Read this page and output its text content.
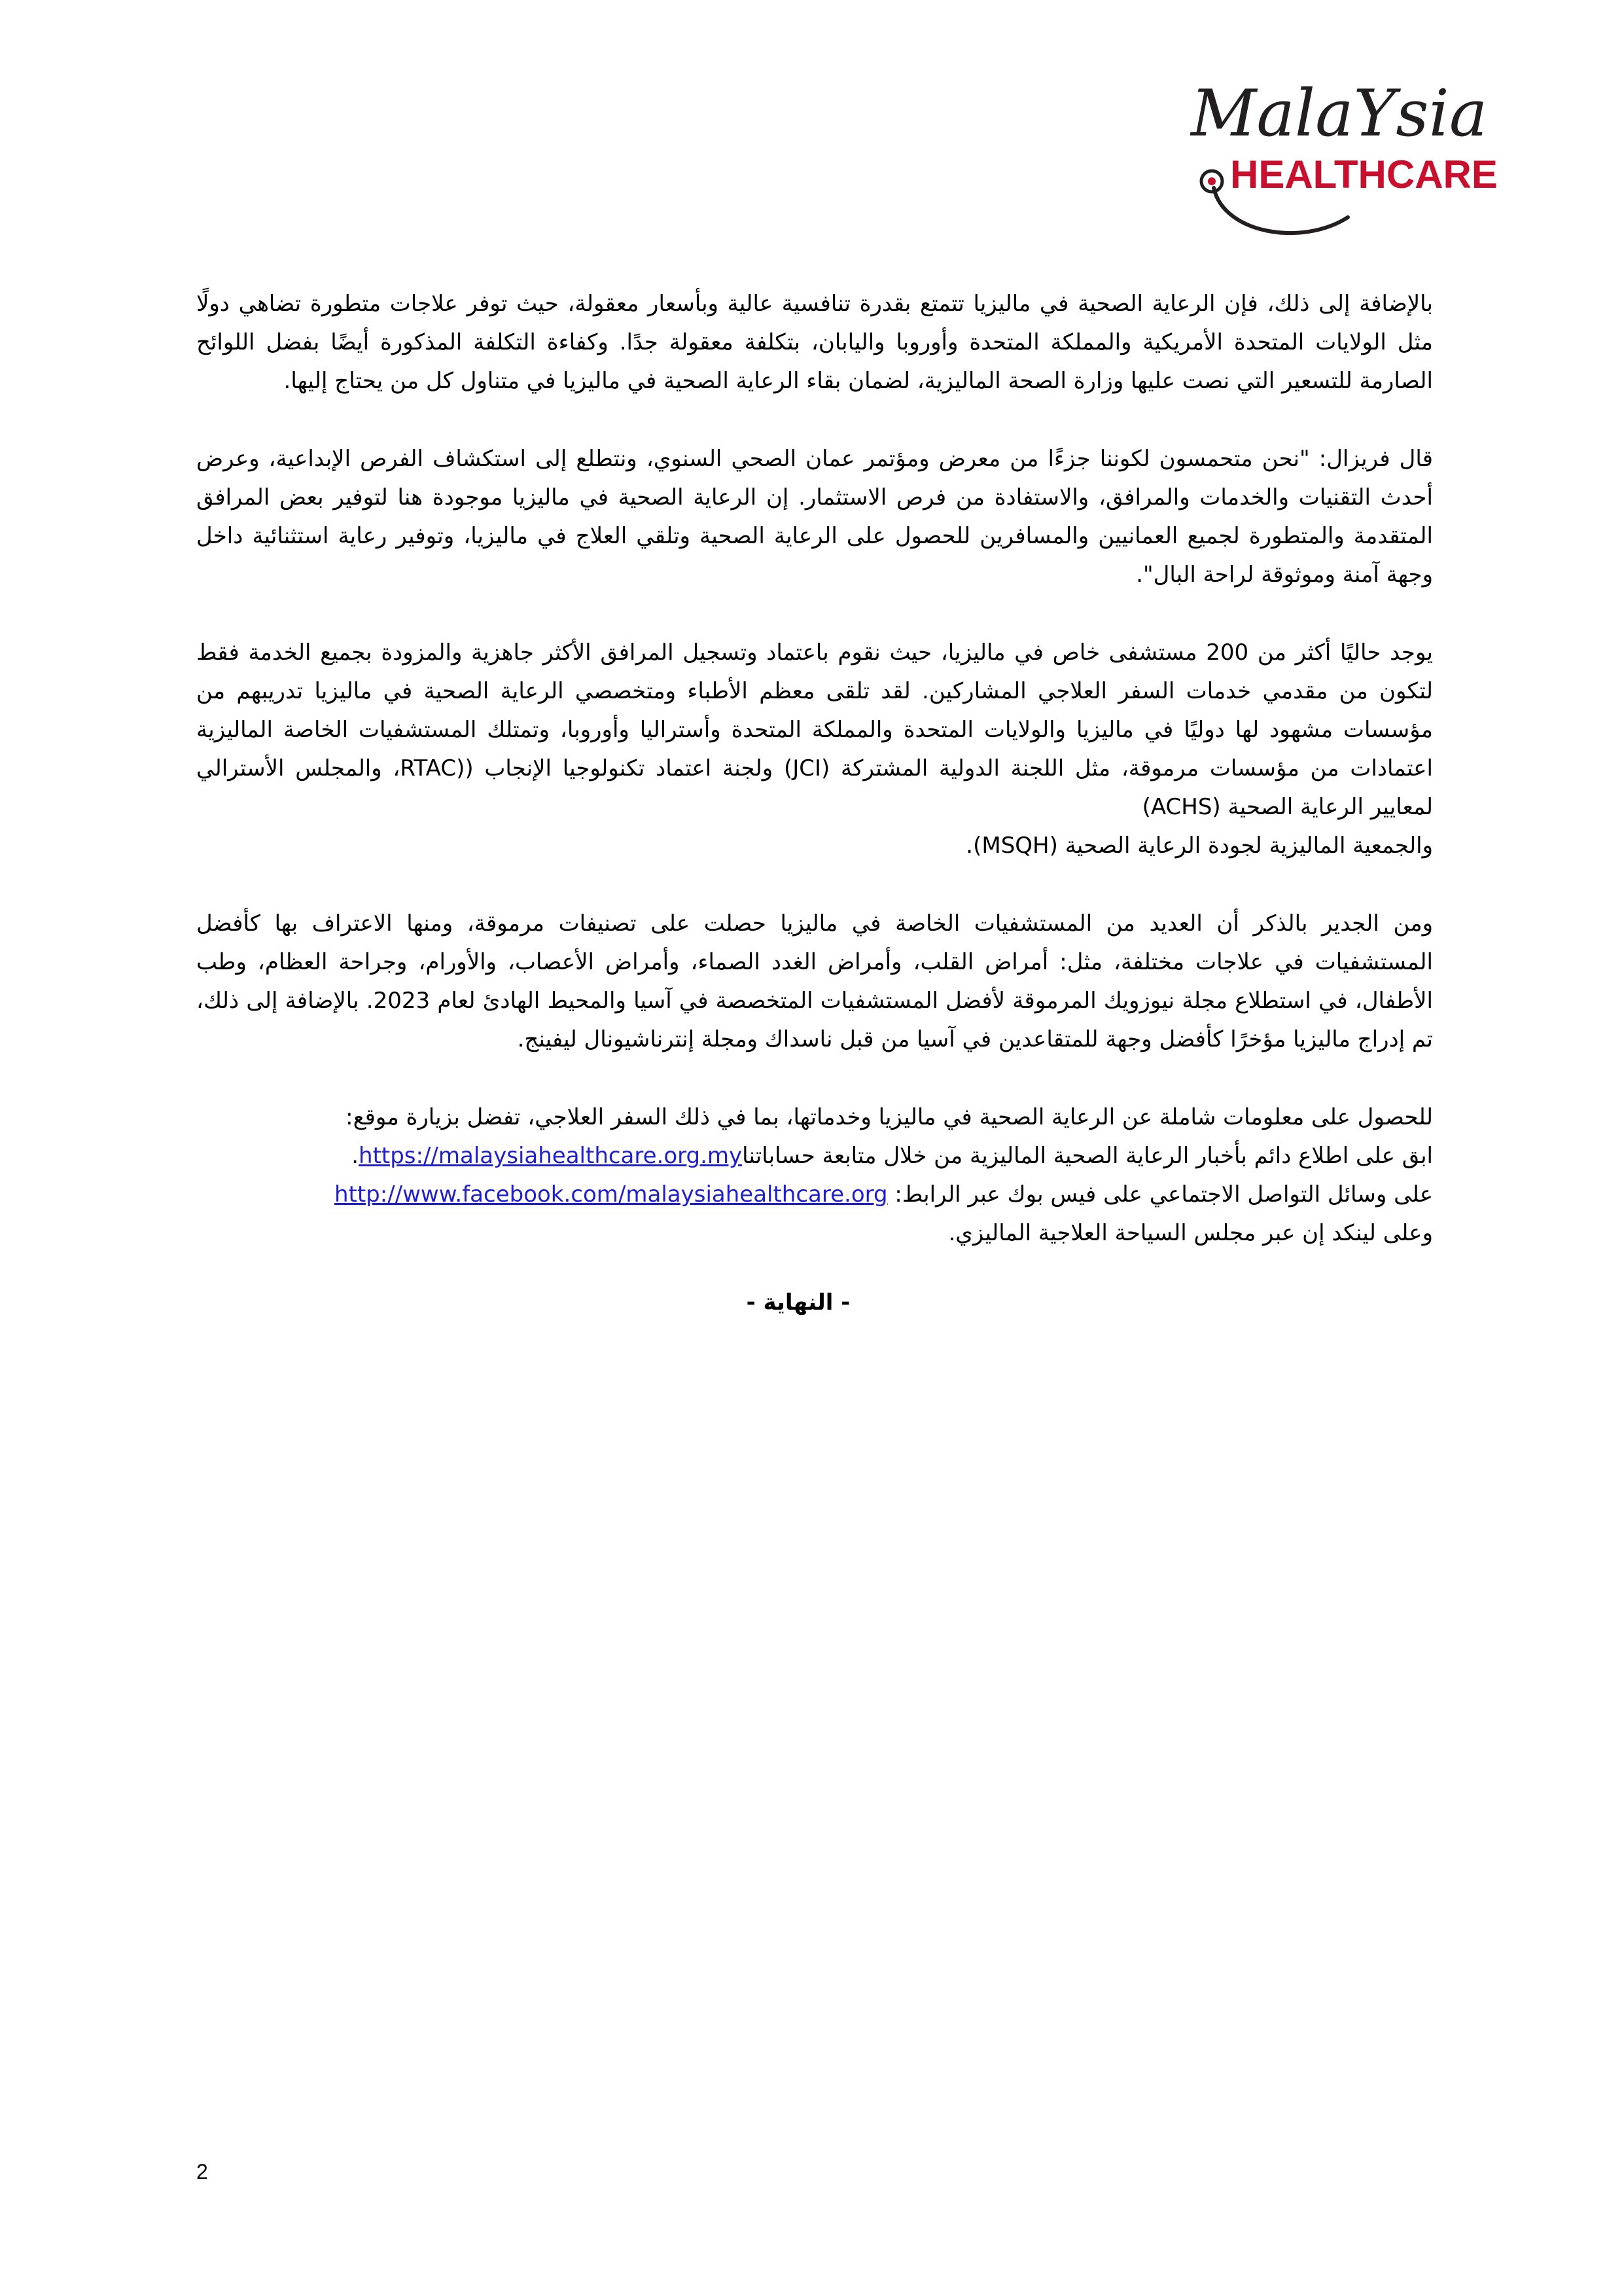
MalaYsia
HEALTHCARE

بالإضافة إلى ذلك، فإن الرعاية الصحية في ماليزيا تتمتع بقدرة تنافسية عالية وبأسعار معقولة، حيث توفر علاجات متطورة تضاهي دولًا مثل الولايات المتحدة الأمريكية والمملكة المتحدة وأوروبا واليابان، بتكلفة معقولة جدًا. وكفاءة التكلفة المذكورة أيضًا بفضل اللوائح الصارمة للتسعير التي نصت عليها وزارة الصحة الماليزية، لضمان بقاء الرعاية الصحية في ماليزيا في متناول كل من يحتاج إليها.

قال فريزال: "نحن متحمسون لكوننا جزءًا من معرض ومؤتمر عمان الصحي السنوي، ونتطلع إلى استكشاف الفرص الإبداعية، وعرض أحدث التقنيات والخدمات والمرافق، والاستفادة من فرص الاستثمار. إن الرعاية الصحية في ماليزيا موجودة هنا لتوفير بعض المرافق المتقدمة والمتطورة لجميع العمانيين والمسافرين للحصول على الرعاية الصحية وتلقي العلاج في ماليزيا، وتوفير رعاية استثنائية داخل وجهة آمنة وموثوقة لراحة البال".

يوجد حاليًا أكثر من 200 مستشفى خاص في ماليزيا، حيث نقوم باعتماد وتسجيل المرافق الأكثر جاهزية والمزودة بجميع الخدمة فقط لتكون من مقدمي خدمات السفر العلاجي المشاركين. لقد تلقى معظم الأطباء ومتخصصي الرعاية الصحية في ماليزيا تدريبهم من مؤسسات مشهود لها دوليًا في ماليزيا والولايات المتحدة والمملكة المتحدة وأستراليا وأوروبا، وتمتلك المستشفيات الخاصة الماليزية اعتمادات من مؤسسات مرموقة، مثل اللجنة الدولية المشتركة (JCI) ولجنة اعتماد تكنولوجيا الإنجاب ((RTAC، والمجلس الأسترالي لمعايير الرعاية الصحية (ACHS)

والجمعية الماليزية لجودة الرعاية الصحية (MSQH).

ومن الجدير بالذكر أن العديد من المستشفيات الخاصة في ماليزيا حصلت على تصنيفات مرموقة، ومنها الاعتراف بها كأفضل المستشفيات في علاجات مختلفة، مثل: أمراض القلب، وأمراض الغدد الصماء، وأمراض الأعصاب، والأورام، وجراحة العظام، وطب الأطفال، في استطلاع مجلة نيوزويك المرموقة لأفضل المستشفيات المتخصصة في آسيا والمحيط الهادئ لعام 2023. بالإضافة إلى ذلك، تم إدراج ماليزيا مؤخرًا كأفضل وجهة للمتقاعدين في آسيا من قبل ناسداك ومجلة إنترناشيونال ليفينج.

للحصول على معلومات شاملة عن الرعاية الصحية في ماليزيا وخدماتها، بما في ذلك السفر العلاجي، تفضل بزيارة موقع:
ابق على اطلاع دائم بأخبار الرعاية الصحية الماليزية من خلال متابعة حساباتناhttps://malaysiahealthcare.org.my.
على وسائل التواصل الاجتماعي على فيس بوك عبر الرابط: http://www.facebook.com/malaysiahealthcare.org
وعلى لينكد إن عبر مجلس السياحة العلاجية الماليزي.
- النهاية -
2
